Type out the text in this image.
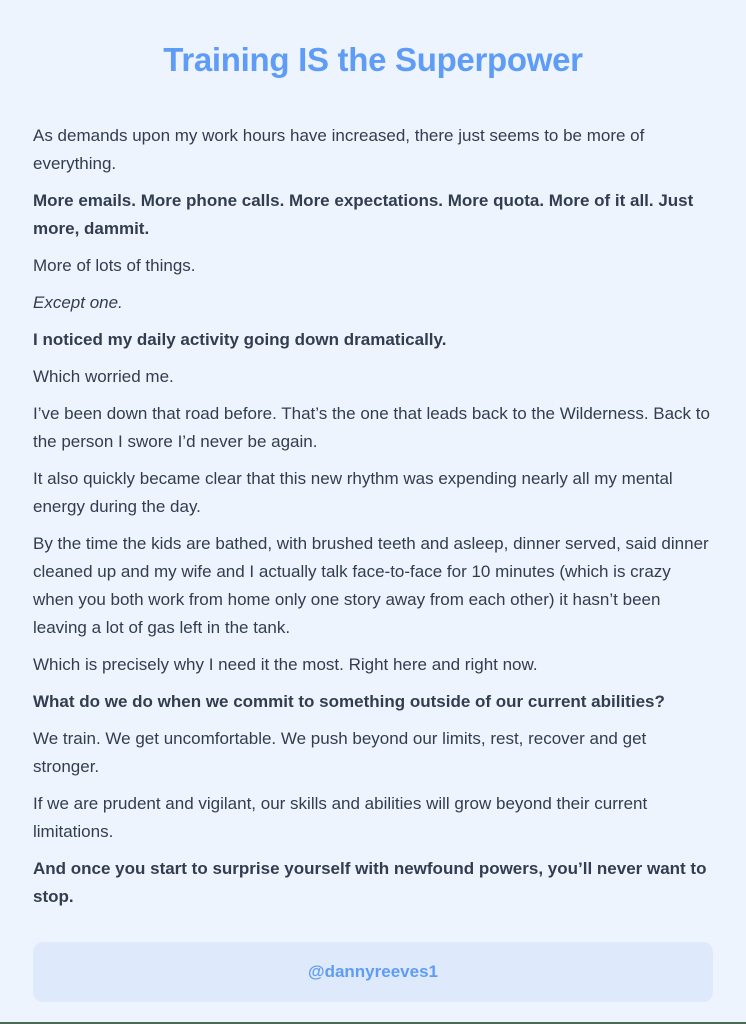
Training IS the Superpower

As demands upon my work hours have increased, there just seems to be more of everything.

More emails. More phone calls. More expectations. More quota. More of it all. Just more, dammit.

More of lots of things.

Except one.

I noticed my daily activity going down dramatically.

Which worried me.

I’ve been down that road before. That’s the one that leads back to the Wilderness. Back to the person I swore I’d never be again.

It also quickly became clear that this new rhythm was expending nearly all my mental energy during the day.

By the time the kids are bathed, with brushed teeth and asleep, dinner served, said dinner cleaned up and my wife and I actually talk face-to-face for 10 minutes (which is crazy when you both work from home only one story away from each other) it hasn’t been leaving a lot of gas left in the tank.

Which is precisely why I need it the most. Right here and right now.

What do we do when we commit to something outside of our current abilities?

We train. We get uncomfortable. We push beyond our limits, rest, recover and get stronger.

If we are prudent and vigilant, our skills and abilities will grow beyond their current limitations.

And once you start to surprise yourself with newfound powers, you’ll never want to stop.

@dannyreeves1
